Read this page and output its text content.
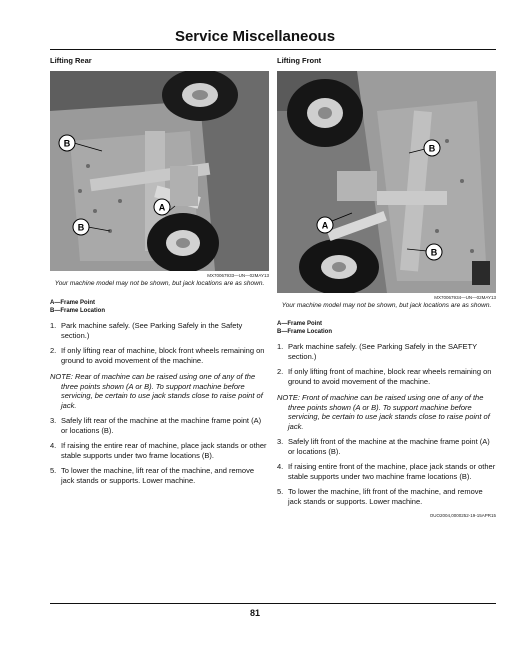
Service Miscellaneous
Lifting Rear
B
A
B
MX70067933—UN—02MAY13
Your machine model may not be shown, but jack locations are as shown.
A—Frame Point
B—Frame Location
1. Park machine safely. (See Parking Safely in the Safety section.)
2. If only lifting rear of machine, block front wheels remaining on ground to avoid movement of the machine.
NOTE: Rear of machine can be raised using one of any of the three points shown (A or B). To support machine before servicing, be certain to use jack stands close to raise point of jack.
3. Safely lift rear of the machine at the machine frame point (A) or locations (B).
4. If raising the entire rear of machine, place jack stands or other stable supports under two frame locations (B).
5. To lower the machine, lift rear of the machine, and remove jack stands or supports. Lower machine.
Lifting Front
B
A
B
MX70067934—UN—02MAY13
Your machine model may not be shown, but jack locations are as shown.
A—Frame Point
B—Frame Location
1. Park machine safely. (See Parking Safely in the SAFETY section.)
2. If only lifting front of machine, block rear wheels remaining on ground to avoid movement of the machine.
NOTE: Front of machine can be raised using one of any of the three points shown (A or B). To support machine before servicing, be certain to use jack stands close to raise point of jack.
3. Safely lift front of the machine at the machine frame point (A) or locations (B).
4. If raising entire front of the machine, place jack stands or other stable supports under two machine frame locations (B).
5. To lower the machine, lift front of the machine, and remove jack stands or supports. Lower machine.
OUO2004,0000252-19-15APR15
81
